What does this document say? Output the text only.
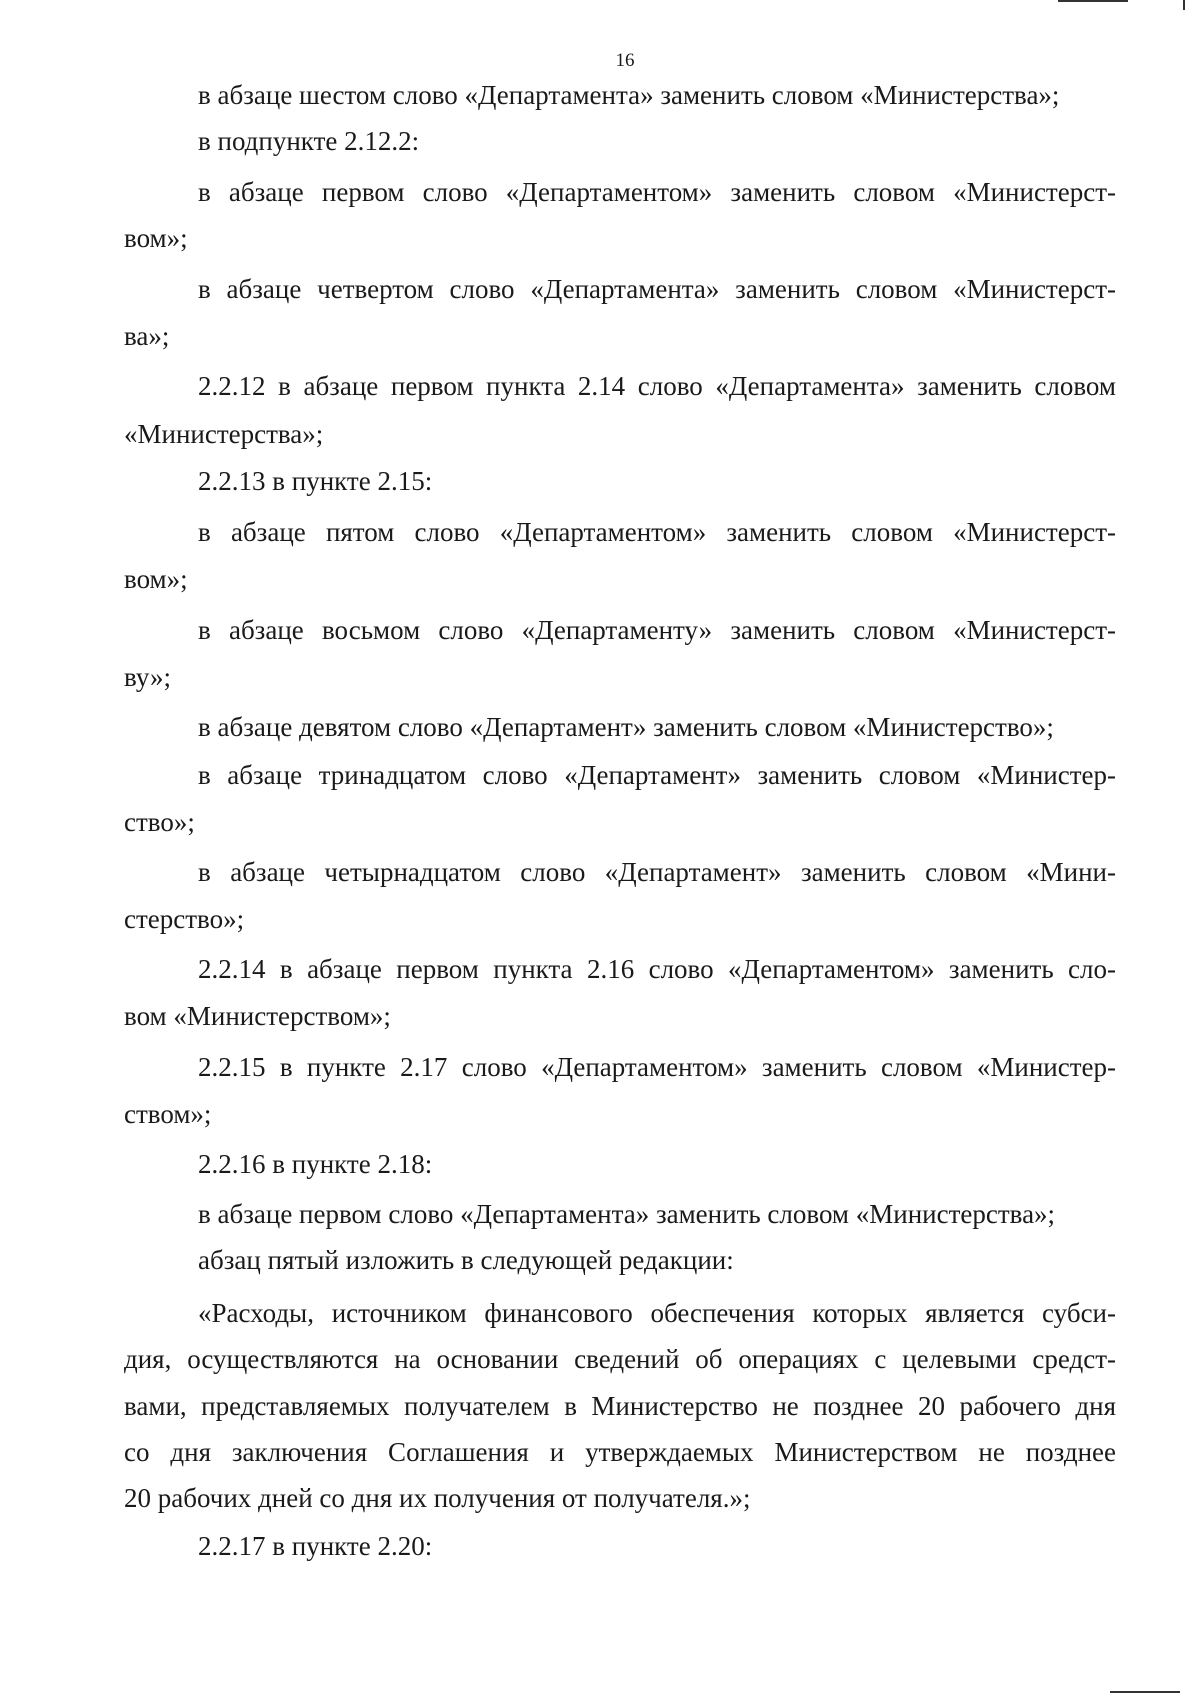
16
в абзаце шестом слово «Департамента» заменить словом «Министерства»;
в подпункте 2.12.2:
в абзаце первом слово «Департаментом» заменить словом «Министерст-
вом»;
в абзаце четвертом слово «Департамента» заменить словом «Министерст-
ва»;
2.2.12 в абзаце первом пункта 2.14 слово «Департамента» заменить словом
«Министерства»;
2.2.13 в пункте 2.15:
в абзаце пятом слово «Департаментом» заменить словом «Министерст-
вом»;
в абзаце восьмом слово «Департаменту» заменить словом «Министерст-
ву»;
в абзаце девятом слово «Департамент» заменить словом «Министерство»;
в абзаце тринадцатом слово «Департамент» заменить словом «Министер-
ство»;
в абзаце четырнадцатом слово «Департамент» заменить словом «Мини-
стерство»;
2.2.14 в абзаце первом пункта 2.16 слово «Департаментом» заменить сло-
вом «Министерством»;
2.2.15 в пункте 2.17 слово «Департаментом» заменить словом «Министер-
ством»;
2.2.16 в пункте 2.18:
в абзаце первом слово «Департамента» заменить словом «Министерства»;
абзац пятый изложить в следующей редакции:
«Расходы, источником финансового обеспечения которых является субси-
дия, осуществляются на основании сведений об операциях с целевыми средст-
вами, представляемых получателем в Министерство не позднее 20 рабочего дня
со дня заключения Соглашения и утверждаемых Министерством не позднее
20 рабочих дней со дня их получения от получателя.»;
2.2.17 в пункте 2.20:
